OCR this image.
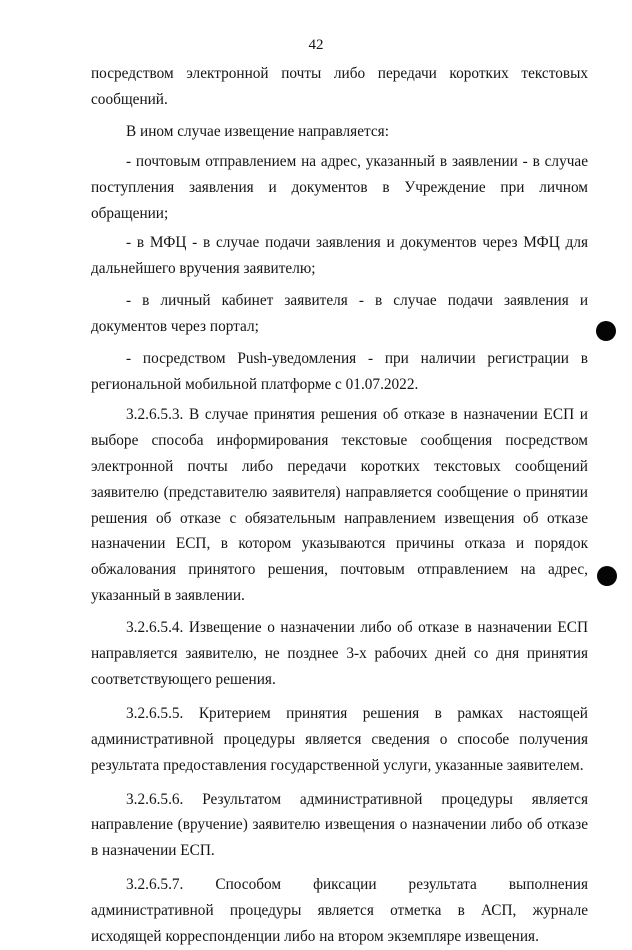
42

посредством электронной почты либо передачи коротких текстовых сообщений.

В ином случае извещение направляется:

- почтовым отправлением на адрес, указанный в заявлении - в случае поступления заявления и документов в Учреждение при личном обращении;

- в МФЦ - в случае подачи заявления и документов через МФЦ для дальнейшего вручения заявителю;

- в личный кабинет заявителя - в случае подачи заявления и документов через портал;

- посредством Push-уведомления - при наличии регистрации в региональной мобильной платформе с 01.07.2022.

3.2.6.5.3. В случае принятия решения об отказе в назначении ЕСП и выборе способа информирования текстовые сообщения посредством электронной почты либо передачи коротких текстовых сообщений заявителю (представителю заявителя) направляется сообщение о принятии решения об отказе с обязательным направлением извещения об отказе назначении ЕСП, в котором указываются причины отказа и порядок обжалования принятого решения, почтовым отправлением на адрес, указанный в заявлении.

3.2.6.5.4. Извещение о назначении либо об отказе в назначении ЕСП направляется заявителю, не позднее 3-х рабочих дней со дня принятия соответствующего решения.

3.2.6.5.5. Критерием принятия решения в рамках настоящей административной процедуры является сведения о способе получения результата предоставления государственной услуги, указанные заявителем.

3.2.6.5.6. Результатом административной процедуры является направление (вручение) заявителю извещения о назначении либо об отказе в назначении ЕСП.

3.2.6.5.7. Способом фиксации результата выполнения административной процедуры является отметка в АСП, журнале исходящей корреспонденции либо на втором экземпляре извещения.
